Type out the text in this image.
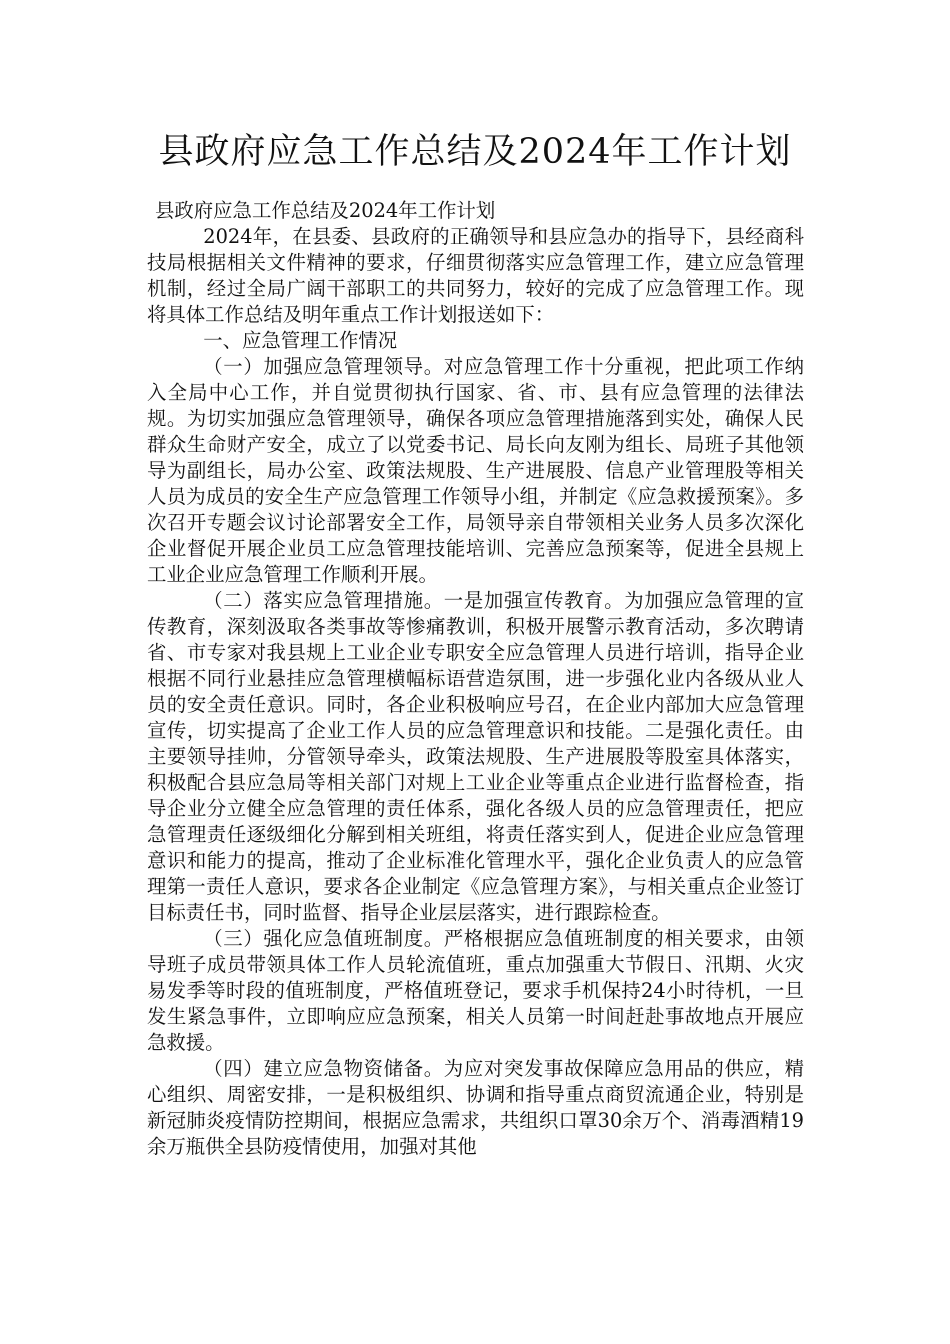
县政府应急工作总结及2024年工作计划

县政府应急工作总结及2024年工作计划

2024年，在县委、县政府的正确领导和县应急办的指导下，县经商科技局根据相关文件精神的要求，仔细贯彻落实应急管理工作，建立应急管理机制，经过全局广阔干部职工的共同努力，较好的完成了应急管理工作。现将具体工作总结及明年重点工作计划报送如下：

一、应急管理工作情况

（一）加强应急管理领导。对应急管理工作十分重视，把此项工作纳入全局中心工作，并自觉贯彻执行国家、省、市、县有应急管理的法律法规。为切实加强应急管理领导，确保各项应急管理措施落到实处，确保人民群众生命财产安全，成立了以党委书记、局长向友刚为组长、局班子其他领导为副组长，局办公室、政策法规股、生产进展股、信息产业管理股等相关人员为成员的安全生产应急管理工作领导小组，并制定《应急救援预案》。多次召开专题会议讨论部署安全工作，局领导亲自带领相关业务人员多次深化企业督促开展企业员工应急管理技能培训、完善应急预案等，促进全县规上工业企业应急管理工作顺利开展。

（二）落实应急管理措施。一是加强宣传教育。为加强应急管理的宣传教育，深刻汲取各类事故等惨痛教训，积极开展警示教育活动，多次聘请省、市专家对我县规上工业企业专职安全应急管理人员进行培训，指导企业根据不同行业悬挂应急管理横幅标语营造氛围，进一步强化业内各级从业人员的安全责任意识。同时，各企业积极响应号召，在企业内部加大应急管理宣传，切实提高了企业工作人员的应急管理意识和技能。二是强化责任。由主要领导挂帅，分管领导牵头，政策法规股、生产进展股等股室具体落实，积极配合县应急局等相关部门对规上工业企业等重点企业进行监督检查，指导企业分立健全应急管理的责任体系，强化各级人员的应急管理责任，把应急管理责任逐级细化分解到相关班组，将责任落实到人，促进企业应急管理意识和能力的提高，推动了企业标准化管理水平，强化企业负责人的应急管理第一责任人意识，要求各企业制定《应急管理方案》，与相关重点企业签订目标责任书，同时监督、指导企业层层落实，进行跟踪检查。

（三）强化应急值班制度。严格根据应急值班制度的相关要求，由领导班子成员带领具体工作人员轮流值班，重点加强重大节假日、汛期、火灾易发季等时段的值班制度，严格值班登记，要求手机保持24小时待机，一旦发生紧急事件，立即响应应急预案，相关人员第一时间赶赴事故地点开展应急救援。

（四）建立应急物资储备。为应对突发事故保障应急用品的供应，精心组织、周密安排，一是积极组织、协调和指导重点商贸流通企业，特别是新冠肺炎疫情防控期间，根据应急需求，共组织口罩30余万个、消毒酒精19余万瓶供全县防疫情使用，加强对其他
